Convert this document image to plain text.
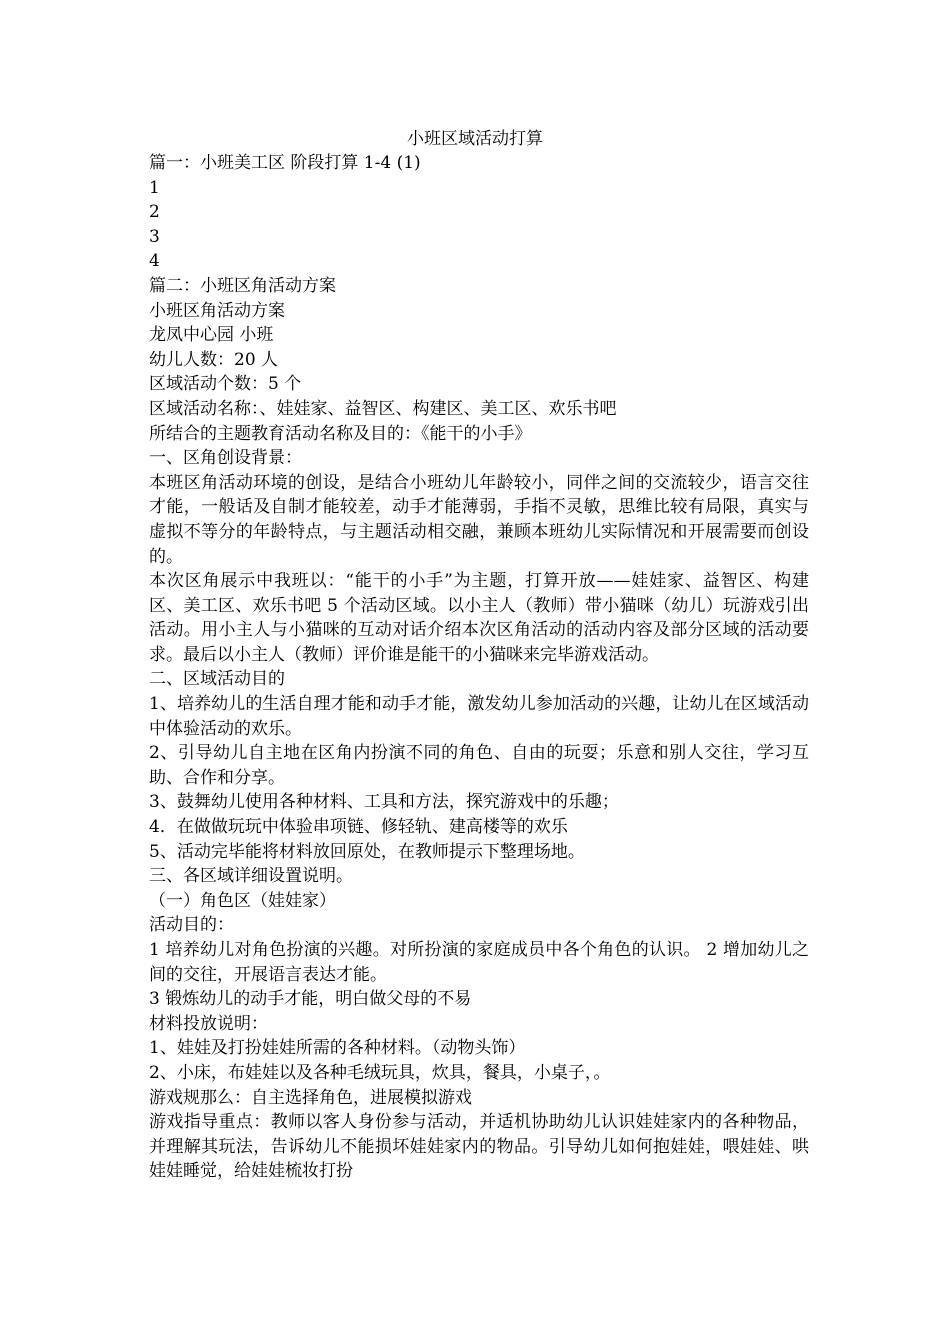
小班区域活动打算
篇一：小班美工区 阶段打算 1-4 (1)
1
2
3
4
篇二：小班区角活动方案
小班区角活动方案
龙凤中心园 小班
幼儿人数：20 人
区域活动个数：5 个
区域活动名称：、娃娃家、益智区、构建区、美工区、欢乐书吧
所结合的主题教育活动名称及目的：《能干的小手》
一、区角创设背景：
本班区角活动环境的创设，是结合小班幼儿年龄较小，同伴之间的交流较少，语言交往才能，一般话及自制才能较差，动手才能薄弱，手指不灵敏，思维比较有局限，真实与虚拟不等分的年龄特点，与主题活动相交融，兼顾本班幼儿实际情况和开展需要而创设的。
本次区角展示中我班以：“能干的小手”为主题，打算开放——娃娃家、益智区、构建区、美工区、欢乐书吧 5 个活动区域。以小主人（教师）带小猫咪（幼儿）玩游戏引出活动。用小主人与小猫咪的互动对话介绍本次区角活动的活动内容及部分区域的活动要求。最后以小主人（教师）评价谁是能干的小猫咪来完毕游戏活动。
二、区域活动目的
1、培养幼儿的生活自理才能和动手才能，激发幼儿参加活动的兴趣，让幼儿在区域活动中体验活动的欢乐。
2、引导幼儿自主地在区角内扮演不同的角色、自由的玩耍；乐意和别人交往，学习互助、合作和分享。
3、鼓舞幼儿使用各种材料、工具和方法，探究游戏中的乐趣；
4．在做做玩玩中体验串项链、修轻轨、建高楼等的欢乐
5、活动完毕能将材料放回原处，在教师提示下整理场地。
三、各区域详细设置说明。
（一）角色区（娃娃家）
活动目的：
1 培养幼儿对角色扮演的兴趣。对所扮演的家庭成员中各个角色的认识。 2 增加幼儿之间的交往，开展语言表达才能。
3 锻炼幼儿的动手才能，明白做父母的不易
材料投放说明：
1、娃娃及打扮娃娃所需的各种材料。（动物头饰）
2、小床，布娃娃以及各种毛绒玩具，炊具，餐具，小桌子，。
游戏规那么：自主选择角色，进展模拟游戏
游戏指导重点：教师以客人身份参与活动，并适机协助幼儿认识娃娃家内的各种物品，并理解其玩法，告诉幼儿不能损坏娃娃家内的物品。引导幼儿如何抱娃娃，喂娃娃、哄娃娃睡觉，给娃娃梳妆打扮
